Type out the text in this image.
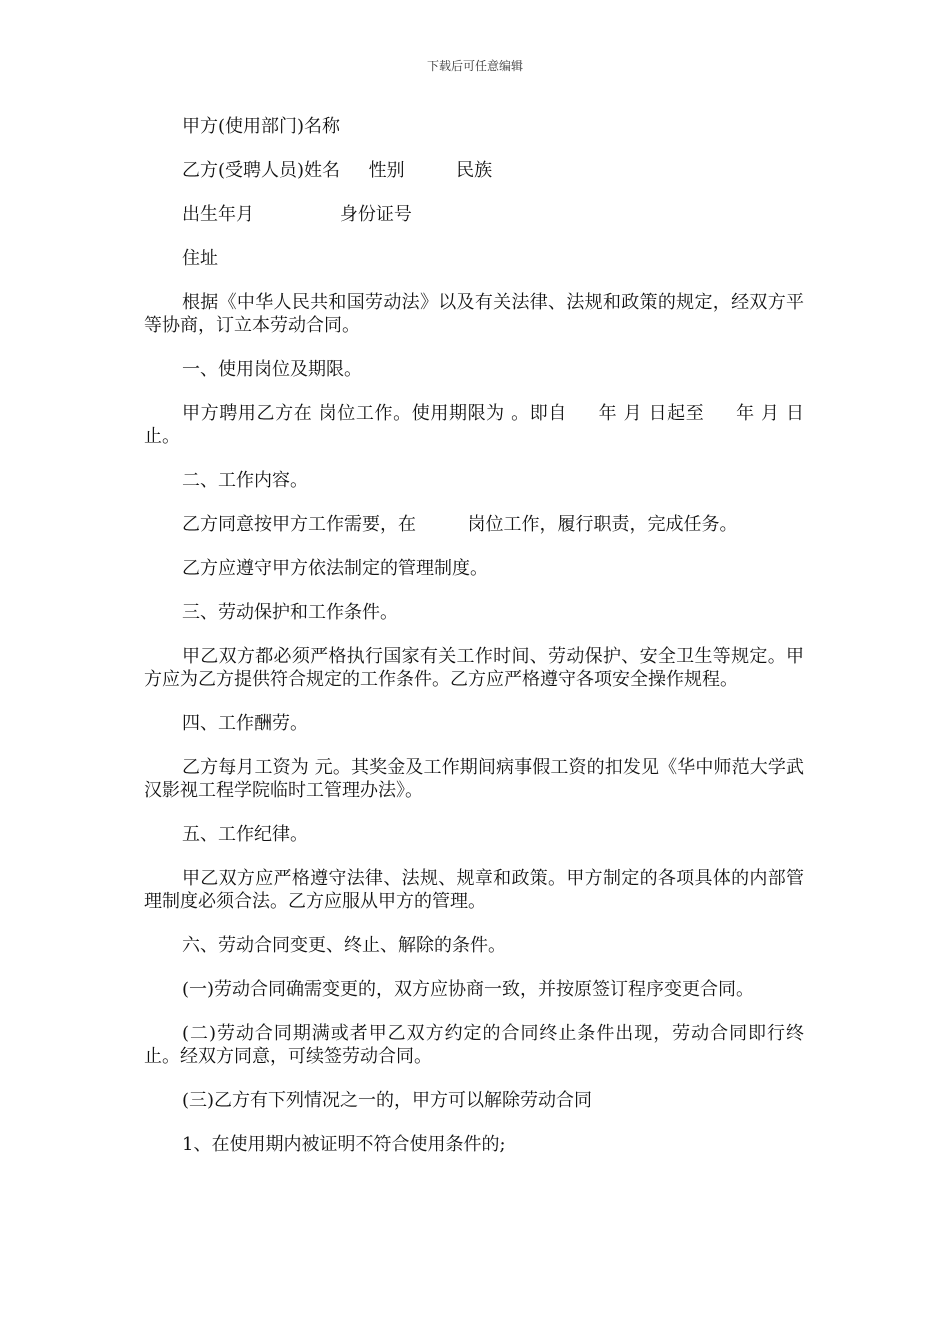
下载后可任意编辑

甲方(使用部门)名称

乙方(受聘人员)姓名     性别         民族

出生年月               身份证号

住址

根据《中华人民共和国劳动法》以及有关法律、法规和政策的规定，经双方平等协商，订立本劳动合同。

一、使用岗位及期限。

甲方聘用乙方在 岗位工作。使用期限为 。即自     年 月 日起至     年 月 日止。

二、工作内容。

乙方同意按甲方工作需要，在         岗位工作，履行职责，完成任务。

乙方应遵守甲方依法制定的管理制度。

三、劳动保护和工作条件。

甲乙双方都必须严格执行国家有关工作时间、劳动保护、安全卫生等规定。甲方应为乙方提供符合规定的工作条件。乙方应严格遵守各项安全操作规程。

四、工作酬劳。

乙方每月工资为 元。其奖金及工作期间病事假工资的扣发见《华中师范大学武汉影视工程学院临时工管理办法》。

五、工作纪律。

甲乙双方应严格遵守法律、法规、规章和政策。甲方制定的各项具体的内部管理制度必须合法。乙方应服从甲方的管理。

六、劳动合同变更、终止、解除的条件。

(一)劳动合同确需变更的，双方应协商一致，并按原签订程序变更合同。

(二)劳动合同期满或者甲乙双方约定的合同终止条件出现，劳动合同即行终止。经双方同意，可续签劳动合同。

(三)乙方有下列情况之一的，甲方可以解除劳动合同

1、在使用期内被证明不符合使用条件的;
